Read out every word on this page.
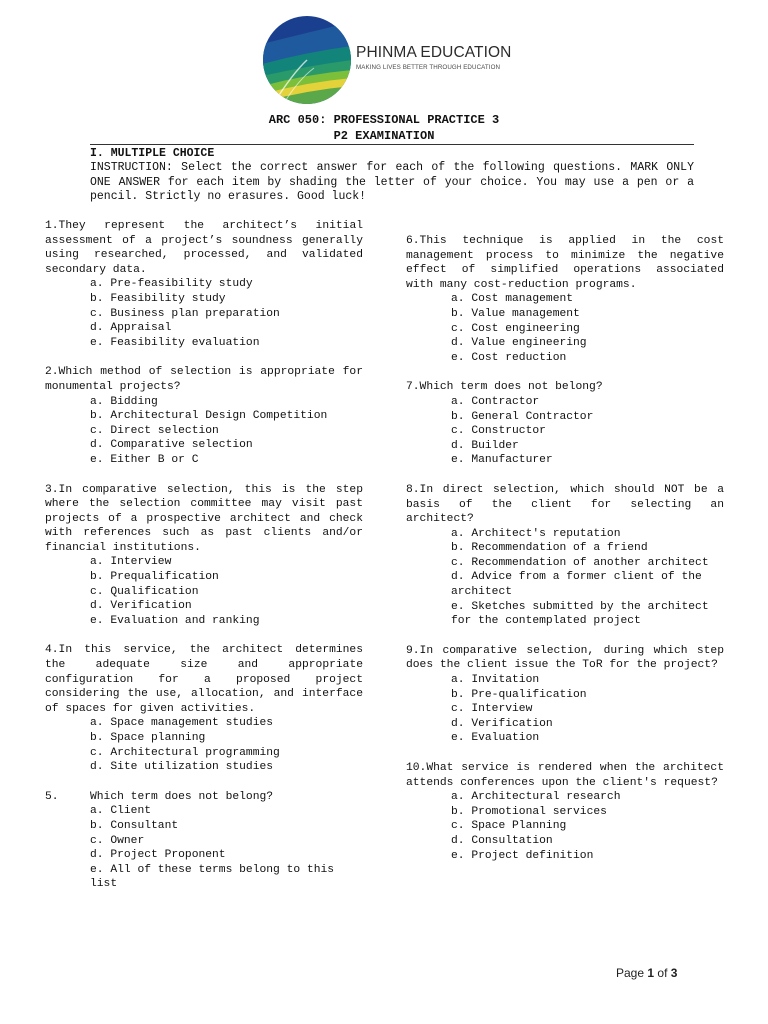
PHINMA EDUCATION
MAKING LIVES BETTER THROUGH EDUCATION
ARC 050: PROFESSIONAL PRACTICE 3
P2 EXAMINATION
I. MULTIPLE CHOICE
INSTRUCTION: Select the correct answer for each of the following questions. MARK ONLY ONE ANSWER for each item by shading the letter of your choice. You may use a pen or a pencil. Strictly no erasures. Good luck!

1.They represent the architect’s initial assessment of a project’s soundness generally using researched, processed, and validated secondary data.

a. Pre-feasibility study
b. Feasibility study
c. Business plan preparation
d. Appraisal
e. Feasibility evaluation

2.Which method of selection is appropriate for monumental projects?

a. Bidding
b. Architectural Design Competition
c. Direct selection
d. Comparative selection
e. Either B or C

3.In comparative selection, this is the step where the selection committee may visit past projects of a prospective architect and check with references such as past clients and/or financial institutions.

a. Interview
b. Prequalification
c. Qualification
d. Verification
e. Evaluation and ranking

4.In this service, the architect determines the adequate size and appropriate configuration for a proposed project considering the use, allocation, and interface of spaces for given activities.

a. Space management studies
b. Space planning
c. Architectural programming
d. Site utilization studies
5.	Which term does not belong?
a. Client
b. Consultant
c. Owner
d. Project Proponent
e. All of these terms belong to this list

6.This technique is applied in the cost management process to minimize the negative effect of simplified operations associated with many cost-reduction programs.

a. Cost management
b. Value management
c. Cost engineering
d. Value engineering
e. Cost reduction

7.Which term does not belong?

a. Contractor
b. General Contractor
c. Constructor
d. Builder
e. Manufacturer

8.In direct selection, which should NOT be a basis of the client for selecting an architect?

a. Architect's reputation
b. Recommendation of a friend
c. Recommendation of another architect
d. Advice from a former client of the architect
e. Sketches submitted by the architect for the contemplated project

9.In comparative selection, during which step does the client issue the ToR for the project?

a. Invitation
b. Pre-qualification
c. Interview
d. Verification
e. Evaluation

10.What service is rendered when the architect attends conferences upon the client's request?

a. Architectural research
b. Promotional services
c. Space Planning
d. Consultation
e. Project definition
Page 1 of 3
